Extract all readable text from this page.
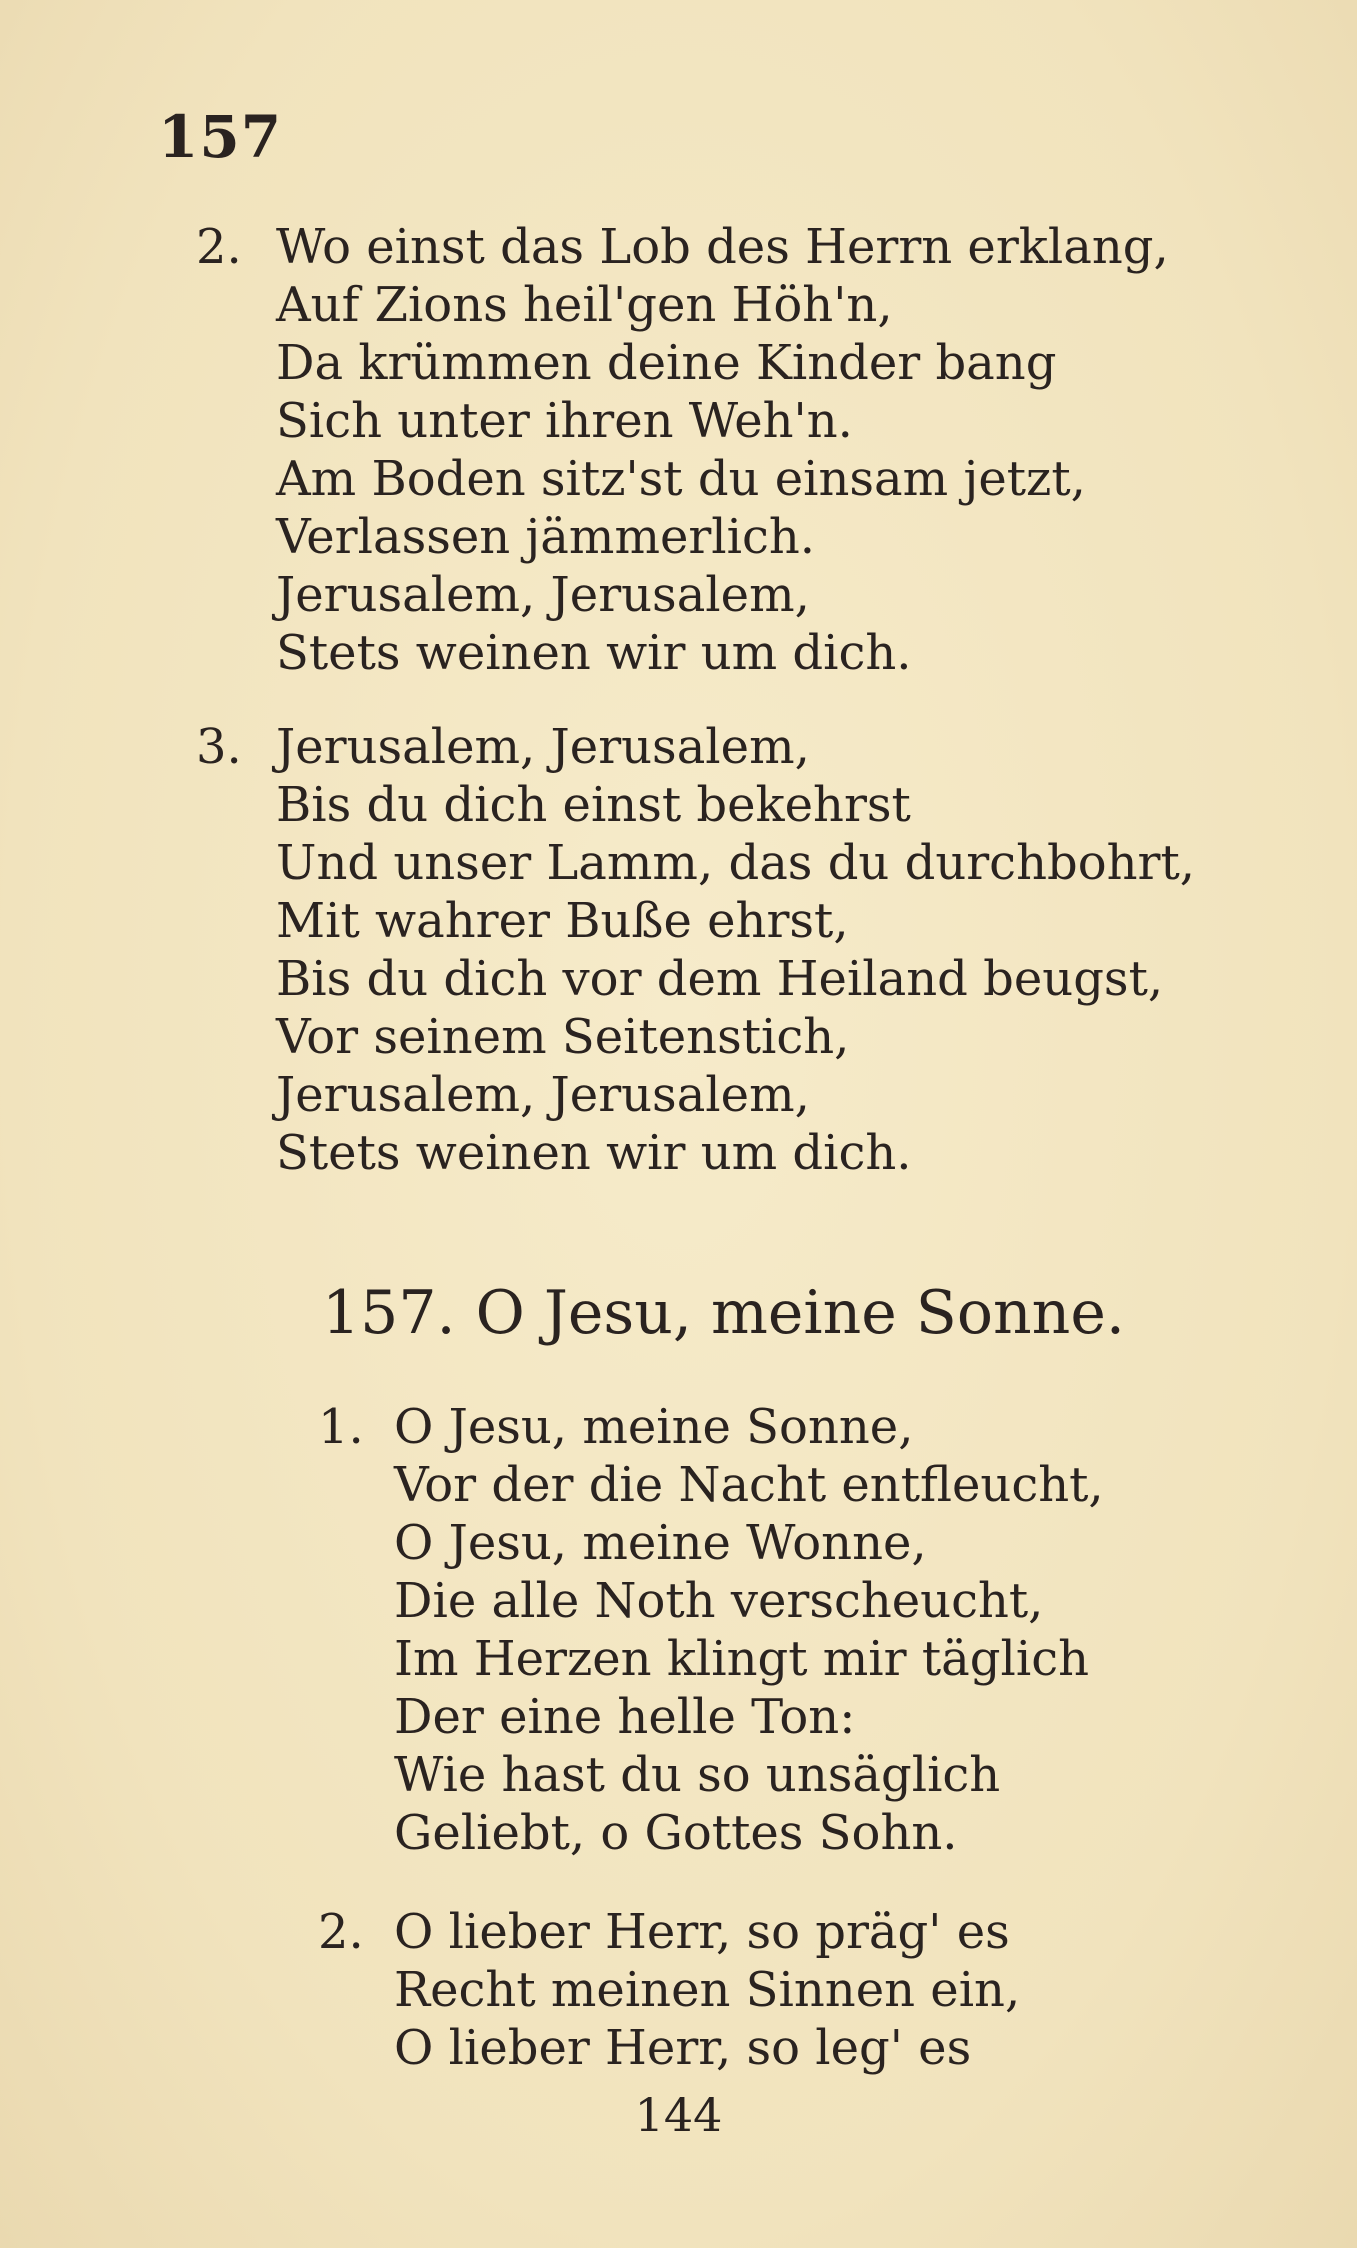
157
2. Wo einst das Lob des Herrn erklang,
Auf Zions heil'gen Höh'n,
Da krümmen deine Kinder bang
Sich unter ihren Weh'n.
Am Boden sitz'st du einsam jetzt,
Verlassen jämmerlich.
Jerusalem, Jerusalem,
Stets weinen wir um dich.
3. Jerusalem, Jerusalem,
Bis du dich einst bekehrst
Und unser Lamm, das du durchbohrt,
Mit wahrer Buße ehrst,
Bis du dich vor dem Heiland beugst,
Vor seinem Seitenstich,
Jerusalem, Jerusalem,
Stets weinen wir um dich.
157. O Jesu, meine Sonne.
1. O Jesu, meine Sonne,
Vor der die Nacht entfleucht,
O Jesu, meine Wonne,
Die alle Noth verscheucht,
Im Herzen klingt mir täglich
Der eine helle Ton:
Wie hast du so unsäglich
Geliebt, o Gottes Sohn.
2. O lieber Herr, so präg' es
Recht meinen Sinnen ein,
O lieber Herr, so leg' es
144
